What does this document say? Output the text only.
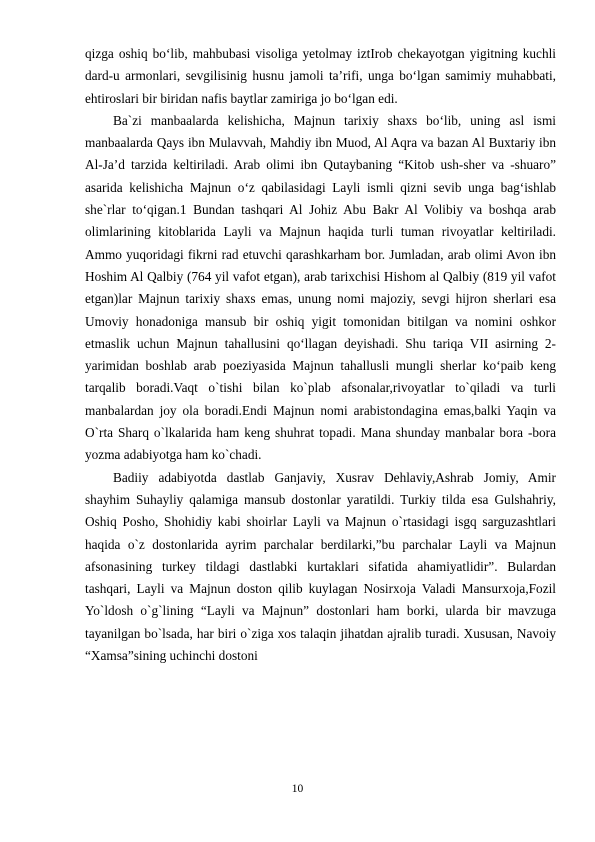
qizga oshiq bo‘lib, mahbubasi visoliga yetolmay iztIrob chekayotgan yigitning kuchli dard-u armonlari, sevgilisinig husnu jamoli ta’rifi, unga bo‘lgan samimiy muhabbati, ehtiroslari bir biridan nafis baytlar zamiriga jo bo‘lgan edi.

Ba`zi manbaalarda kelishicha, Majnun tarixiy shaxs bo‘lib, uning asl ismi manbaalarda Qays ibn Mulavvah, Mahdiy ibn Muod, Al Aqra va bazan Al Buxtariy ibn Al-Ja’d tarzida keltiriladi. Arab olimi ibn Qutaybaning “Kitob ush-sher va -shuaro” asarida kelishicha Majnun o‘z qabilasidagi Layli ismli qizni sevib unga bag‘ishlab she`rlar to‘qigan.1 Bundan tashqari Al Johiz Abu Bakr Al Volibiy va boshqa arab olimlarining kitoblarida Layli va Majnun haqida turli tuman rivoyatlar keltiriladi. Ammo yuqoridagi fikrni rad etuvchi qarashkarham bor. Jumladan, arab olimi Avon ibn Hoshim Al Qalbiy (764 yil vafot etgan), arab tarixchisi Hishom al Qalbiy (819 yil vafot etgan)lar Majnun tarixiy shaxs emas, unung nomi majoziy, sevgi hijron sherlari esa Umoviy honadoniga mansub bir oshiq yigit tomonidan bitilgan va nomini oshkor etmaslik uchun Majnun tahallusini qo‘llagan deyishadi. Shu tariqa VII asirning 2-yarimidan boshlab arab poeziyasida Majnun tahallusli mungli sherlar ko‘paib keng tarqalib boradi.Vaqt o`tishi bilan ko`plab afsonalar,rivoyatlar to`qiladi va turli manbalardan joy ola boradi.Endi Majnun nomi arabistondagina emas,balki Yaqin va O`rta Sharq o`lkalarida ham keng shuhrat topadi. Mana shunday manbalar bora -bora yozma adabiyotga ham ko`chadi.

Badiiy adabiyotda dastlab Ganjaviy, Xusrav Dehlaviy,Ashrab Jomiy, Amir shayhim Suhayliy qalamiga mansub dostonlar yaratildi. Turkiy tilda esa Gulshahriy, Oshiq Posho, Shohidiy kabi shoirlar Layli va Majnun o`rtasidagi isgq sarguzashtlari haqida o`z dostonlarida ayrim parchalar berdilarki,”bu parchalar Layli va Majnun afsonasining turkey tildagi dastlabki kurtaklari sifatida ahamiyatlidir”. Bulardan tashqari, Layli va Majnun doston qilib kuylagan Nosirxoja Valadi Mansurxoja,Fozil Yo`ldosh o`g`lining “Layli va Majnun” dostonlari ham borki, ularda bir mavzuga tayanilgan bo`lsada, har biri o`ziga xos talaqin jihatdan ajralib turadi. Xususan, Navoiy “Xamsa”sining uchinchi dostoni

10
